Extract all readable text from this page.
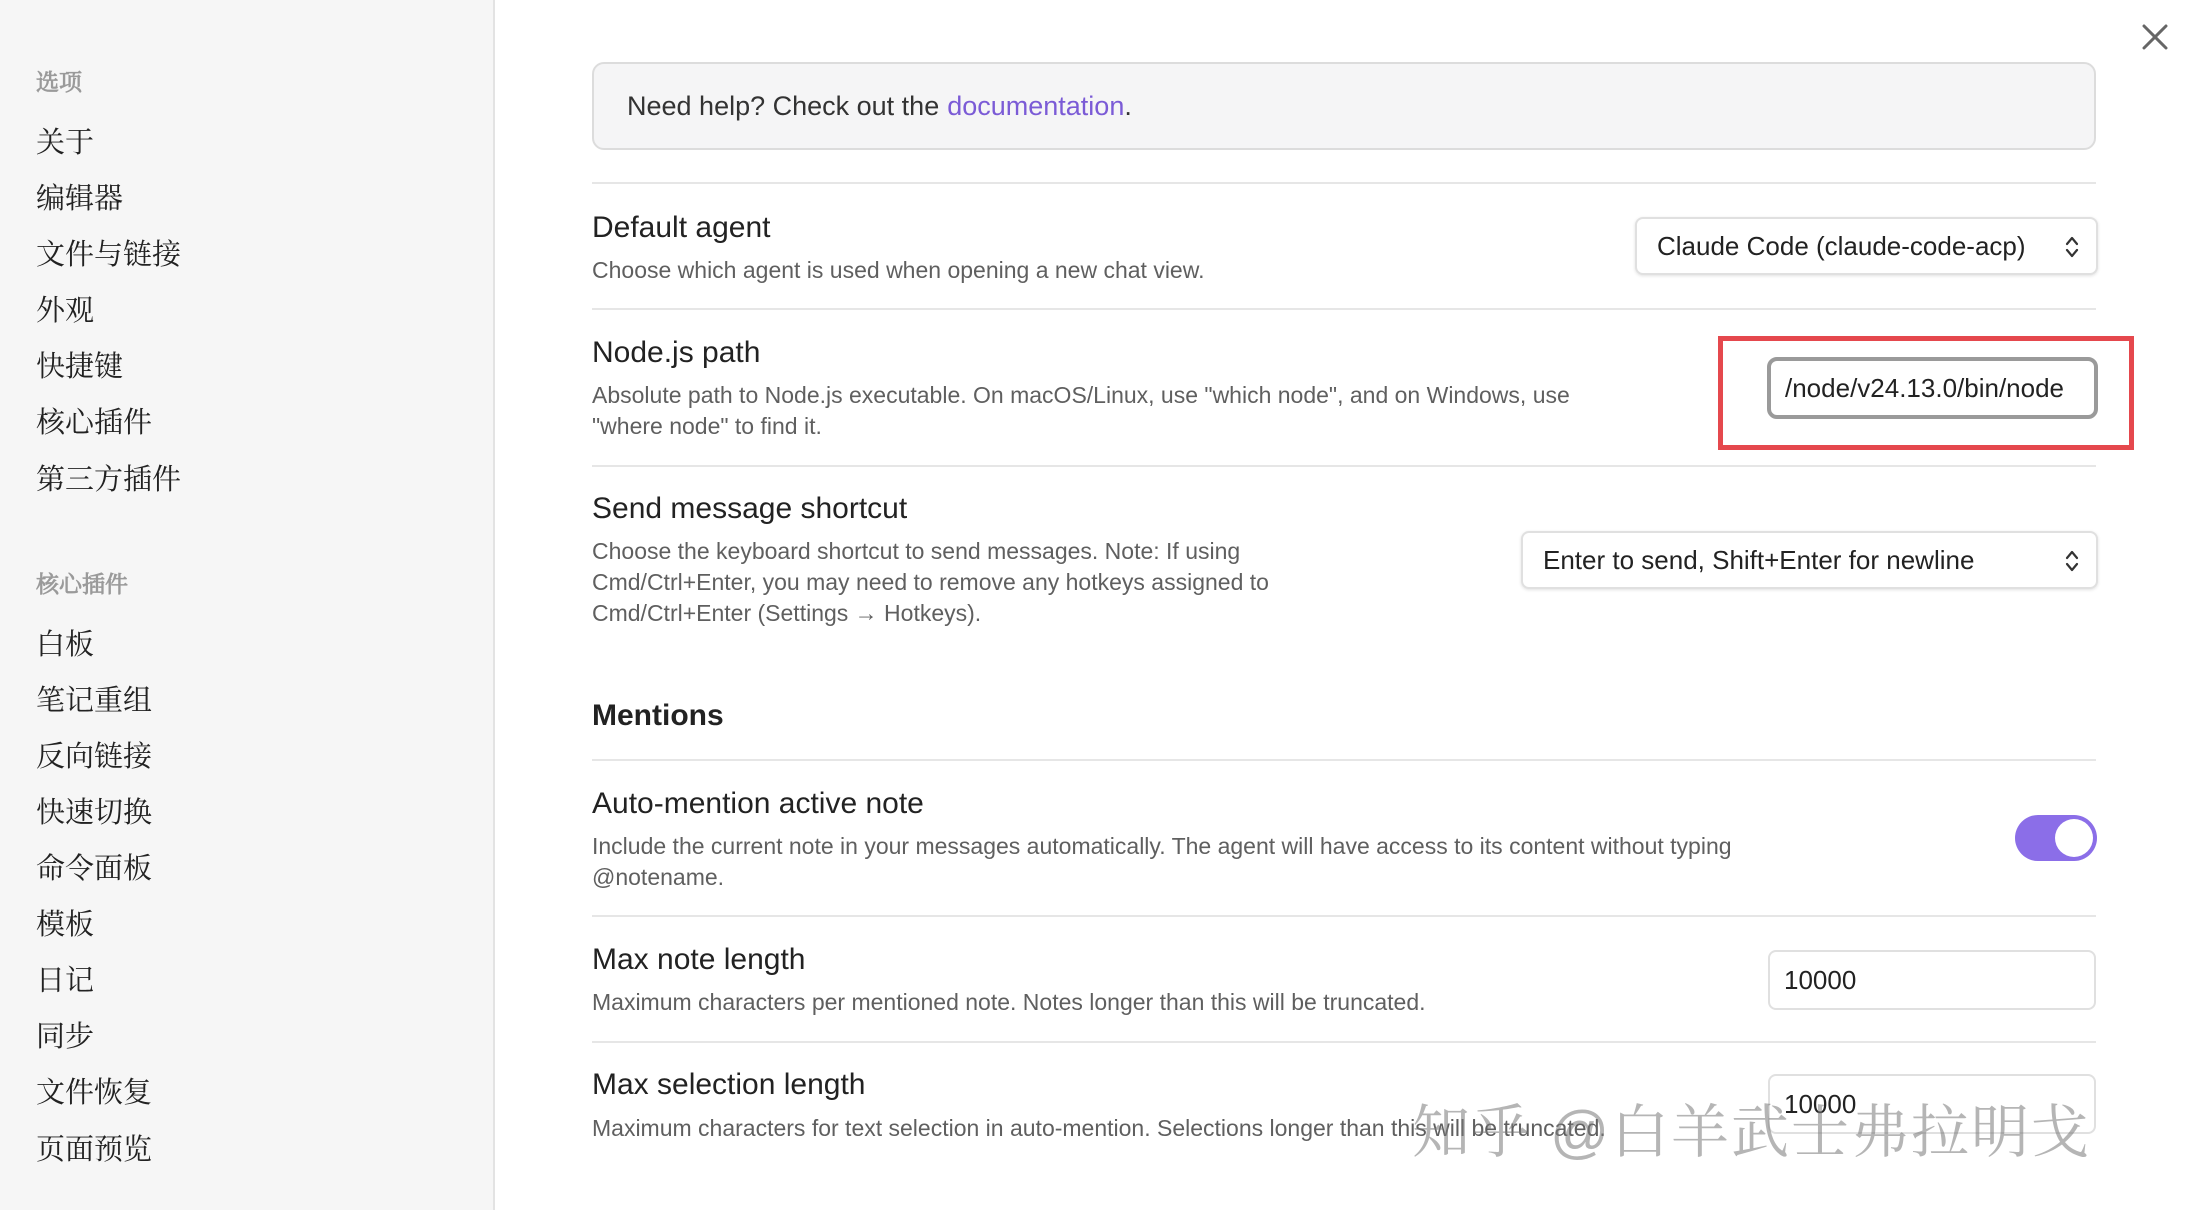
选项
关于
编辑器
文件与链接
外观
快捷键
核心插件
第三方插件
核心插件
白板
笔记重组
反向链接
快速切换
命令面板
模板
日记
同步
文件恢复
页面预览
Need help? Check out the documentation .
Default agent
Choose which agent is used when opening a new chat view.
Claude Code (claude-code-acp)
Node.js path
Absolute path to Node.js executable. On macOS/Linux, use "which node", and on Windows, use
"where node" to find it.
/node/v24.13.0/bin/node
Send message shortcut
Choose the keyboard shortcut to send messages. Note: If using
Cmd/Ctrl+Enter, you may need to remove any hotkeys assigned to
Cmd/Ctrl+Enter (Settings → Hotkeys).
Enter to send, Shift+Enter for newline
Mentions
Auto-mention active note
Include the current note in your messages automatically. The agent will have access to its content without typing
@notename.
Max note length
Maximum characters per mentioned note. Notes longer than this will be truncated.
10000
Max selection length
Maximum characters for text selection in auto-mention. Selections longer than this will be truncated.
10000
知乎 @白羊武士弗拉明戈
